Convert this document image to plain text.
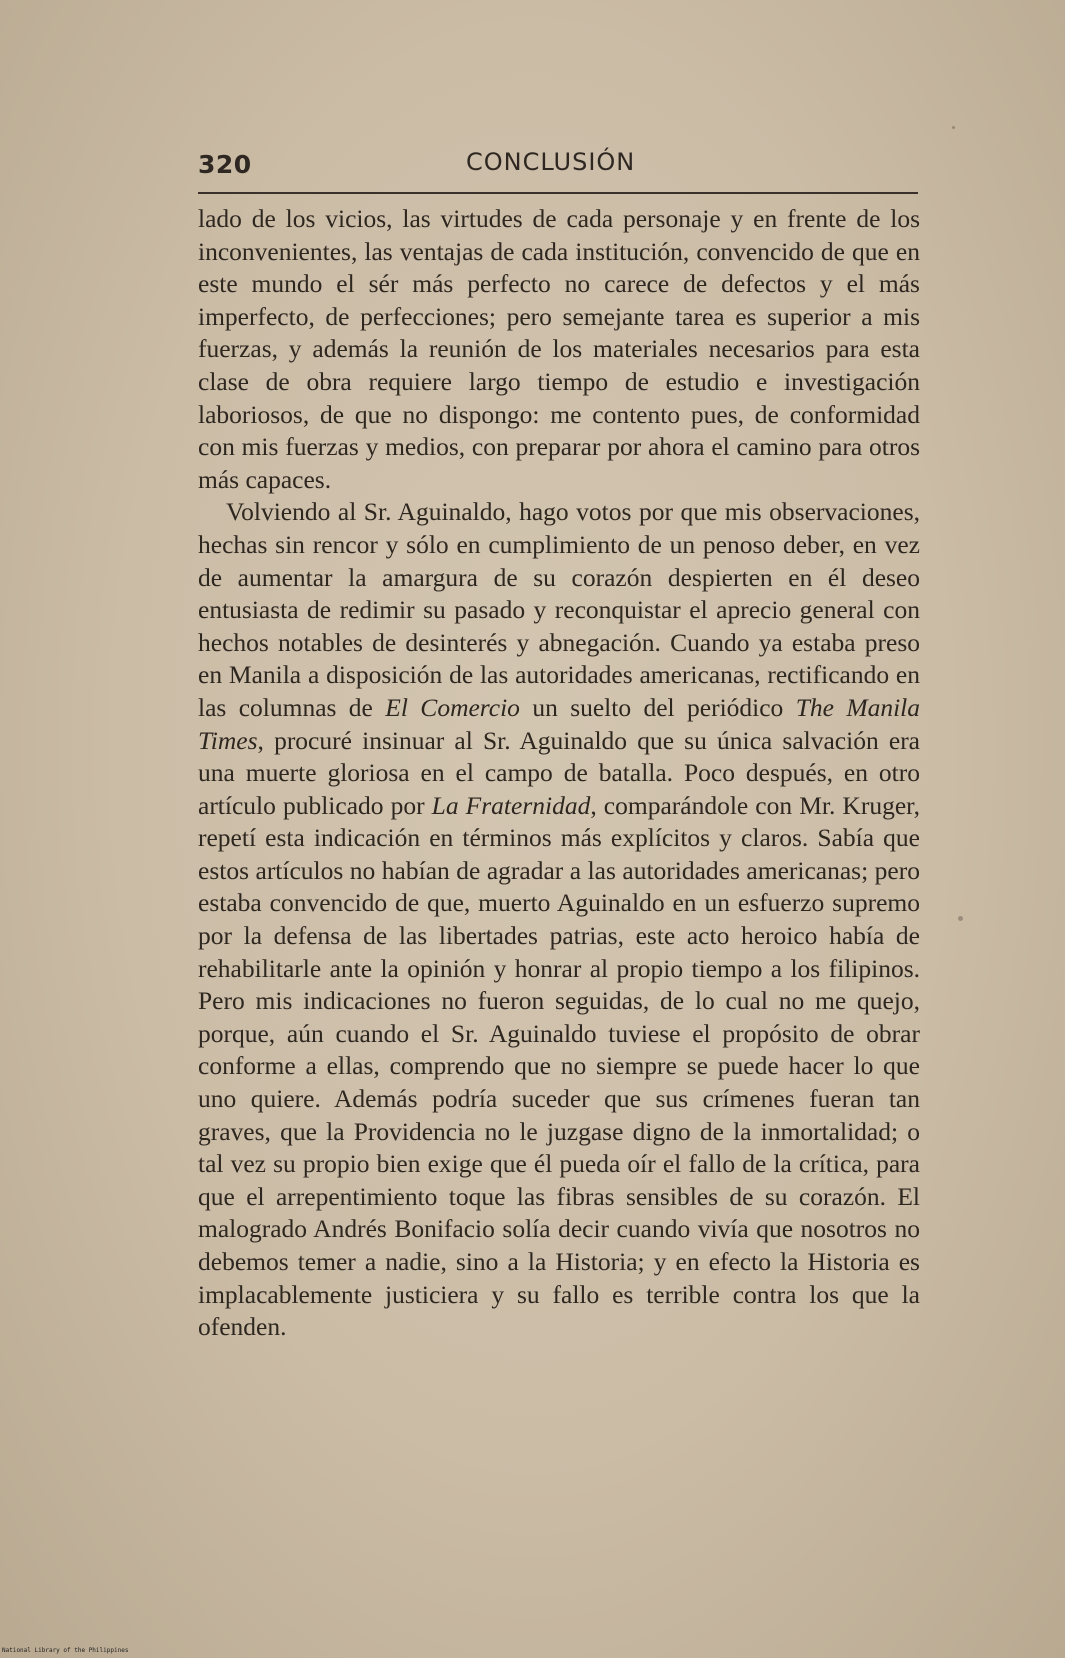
320	CONCLUSIÓN

lado de los vicios, las virtudes de cada personaje y en frente de los inconvenientes, las ventajas de cada institución, convencido de que en este mundo el sér más perfecto no carece de defectos y el más imperfecto, de perfecciones; pero semejante tarea es superior a mis fuerzas, y además la reunión de los materiales necesarios para esta clase de obra requiere largo tiempo de estudio e investigación laboriosos, de que no dispongo: me contento pues, de conformidad con mis fuerzas y medios, con preparar por ahora el camino para otros más capaces.

Volviendo al Sr. Aguinaldo, hago votos por que mis observaciones, hechas sin rencor y sólo en cumplimiento de un penoso deber, en vez de aumentar la amargura de su corazón despierten en él deseo entusiasta de redimir su pasado y reconquistar el aprecio general con hechos notables de desinterés y abnegación. Cuando ya estaba preso en Manila a disposición de las autoridades americanas, rectificando en las columnas de El Comercio un suelto del periódico The Manila Times, procuré insinuar al Sr. Aguinaldo que su única salvación era una muerte gloriosa en el campo de batalla. Poco después, en otro artículo publicado por La Fraternidad, comparándole con Mr. Kruger, repetí esta indicación en términos más explícitos y claros. Sabía que estos artículos no habían de agradar a las autoridades americanas; pero estaba convencido de que, muerto Aguinaldo en un esfuerzo supremo por la defensa de las libertades patrias, este acto heroico había de rehabilitarle ante la opinión y honrar al propio tiempo a los filipinos. Pero mis indicaciones no fueron seguidas, de lo cual no me quejo, porque, aún cuando el Sr. Aguinaldo tuviese el propósito de obrar conforme a ellas, comprendo que no siempre se puede hacer lo que uno quiere. Además podría suceder que sus crímenes fueran tan graves, que la Providencia no le juzgase digno de la inmortalidad; o tal vez su propio bien exige que él pueda oír el fallo de la crítica, para que el arrepentimiento toque las fibras sensibles de su corazón. El malogrado Andrés Bonifacio solía decir cuando vivía que nosotros no debemos temer a nadie, sino a la Historia; y en efecto la Historia es implacablemente justiciera y su fallo es terrible contra los que la ofenden.

National Library of the Philippines
